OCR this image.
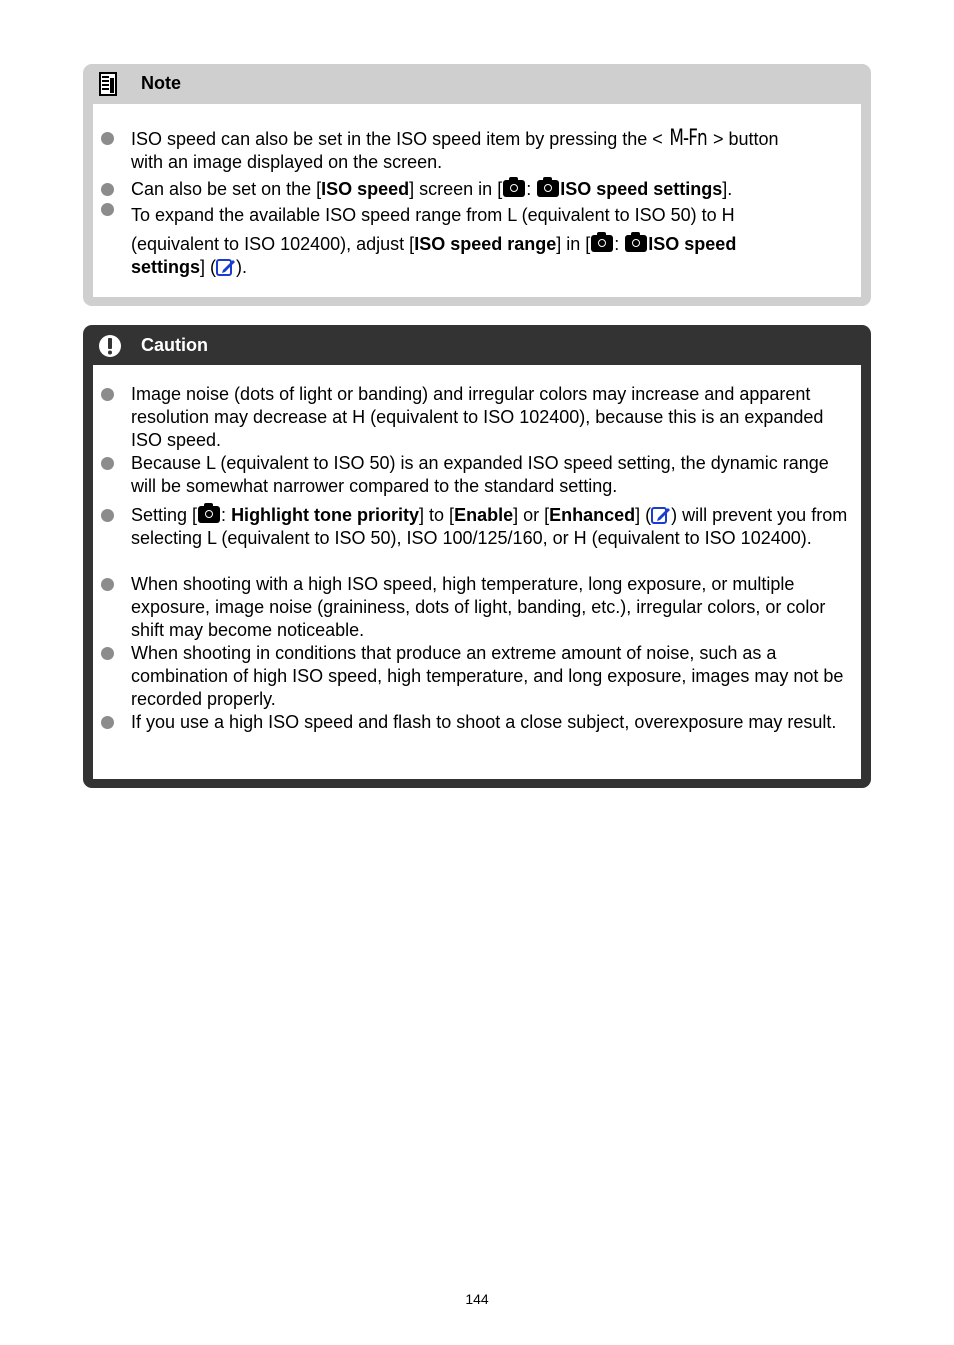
Note
ISO speed can also be set in the ISO speed item by pressing the < M-Fn > button
with an image displayed on the screen.
Can also be set on the [ISO speed] screen in [ : ISO speed settings].
To expand the available ISO speed range from L (equivalent to ISO 50) to H
(equivalent to ISO 102400), adjust [ISO speed range] in [ : ISO speed

settings] ( ).
Caution
Image noise (dots of light or banding) and irregular colors may increase and apparent resolution may decrease at H (equivalent to ISO 102400), because this is an expanded ISO speed.
Because L (equivalent to ISO 50) is an expanded ISO speed setting, the dynamic range will be somewhat narrower compared to the standard setting.
Setting [ : Highlight tone priority] to [Enable] or [Enhanced] ( ) will prevent you from selecting L (equivalent to ISO 50), ISO 100/125/160, or H (equivalent to ISO 102400).
When shooting with a high ISO speed, high temperature, long exposure, or multiple exposure, image noise (graininess, dots of light, banding, etc.), irregular colors, or color shift may become noticeable.
When shooting in conditions that produce an extreme amount of noise, such as a combination of high ISO speed, high temperature, and long exposure, images may not be recorded properly.
If you use a high ISO speed and flash to shoot a close subject, overexposure may result.
144
